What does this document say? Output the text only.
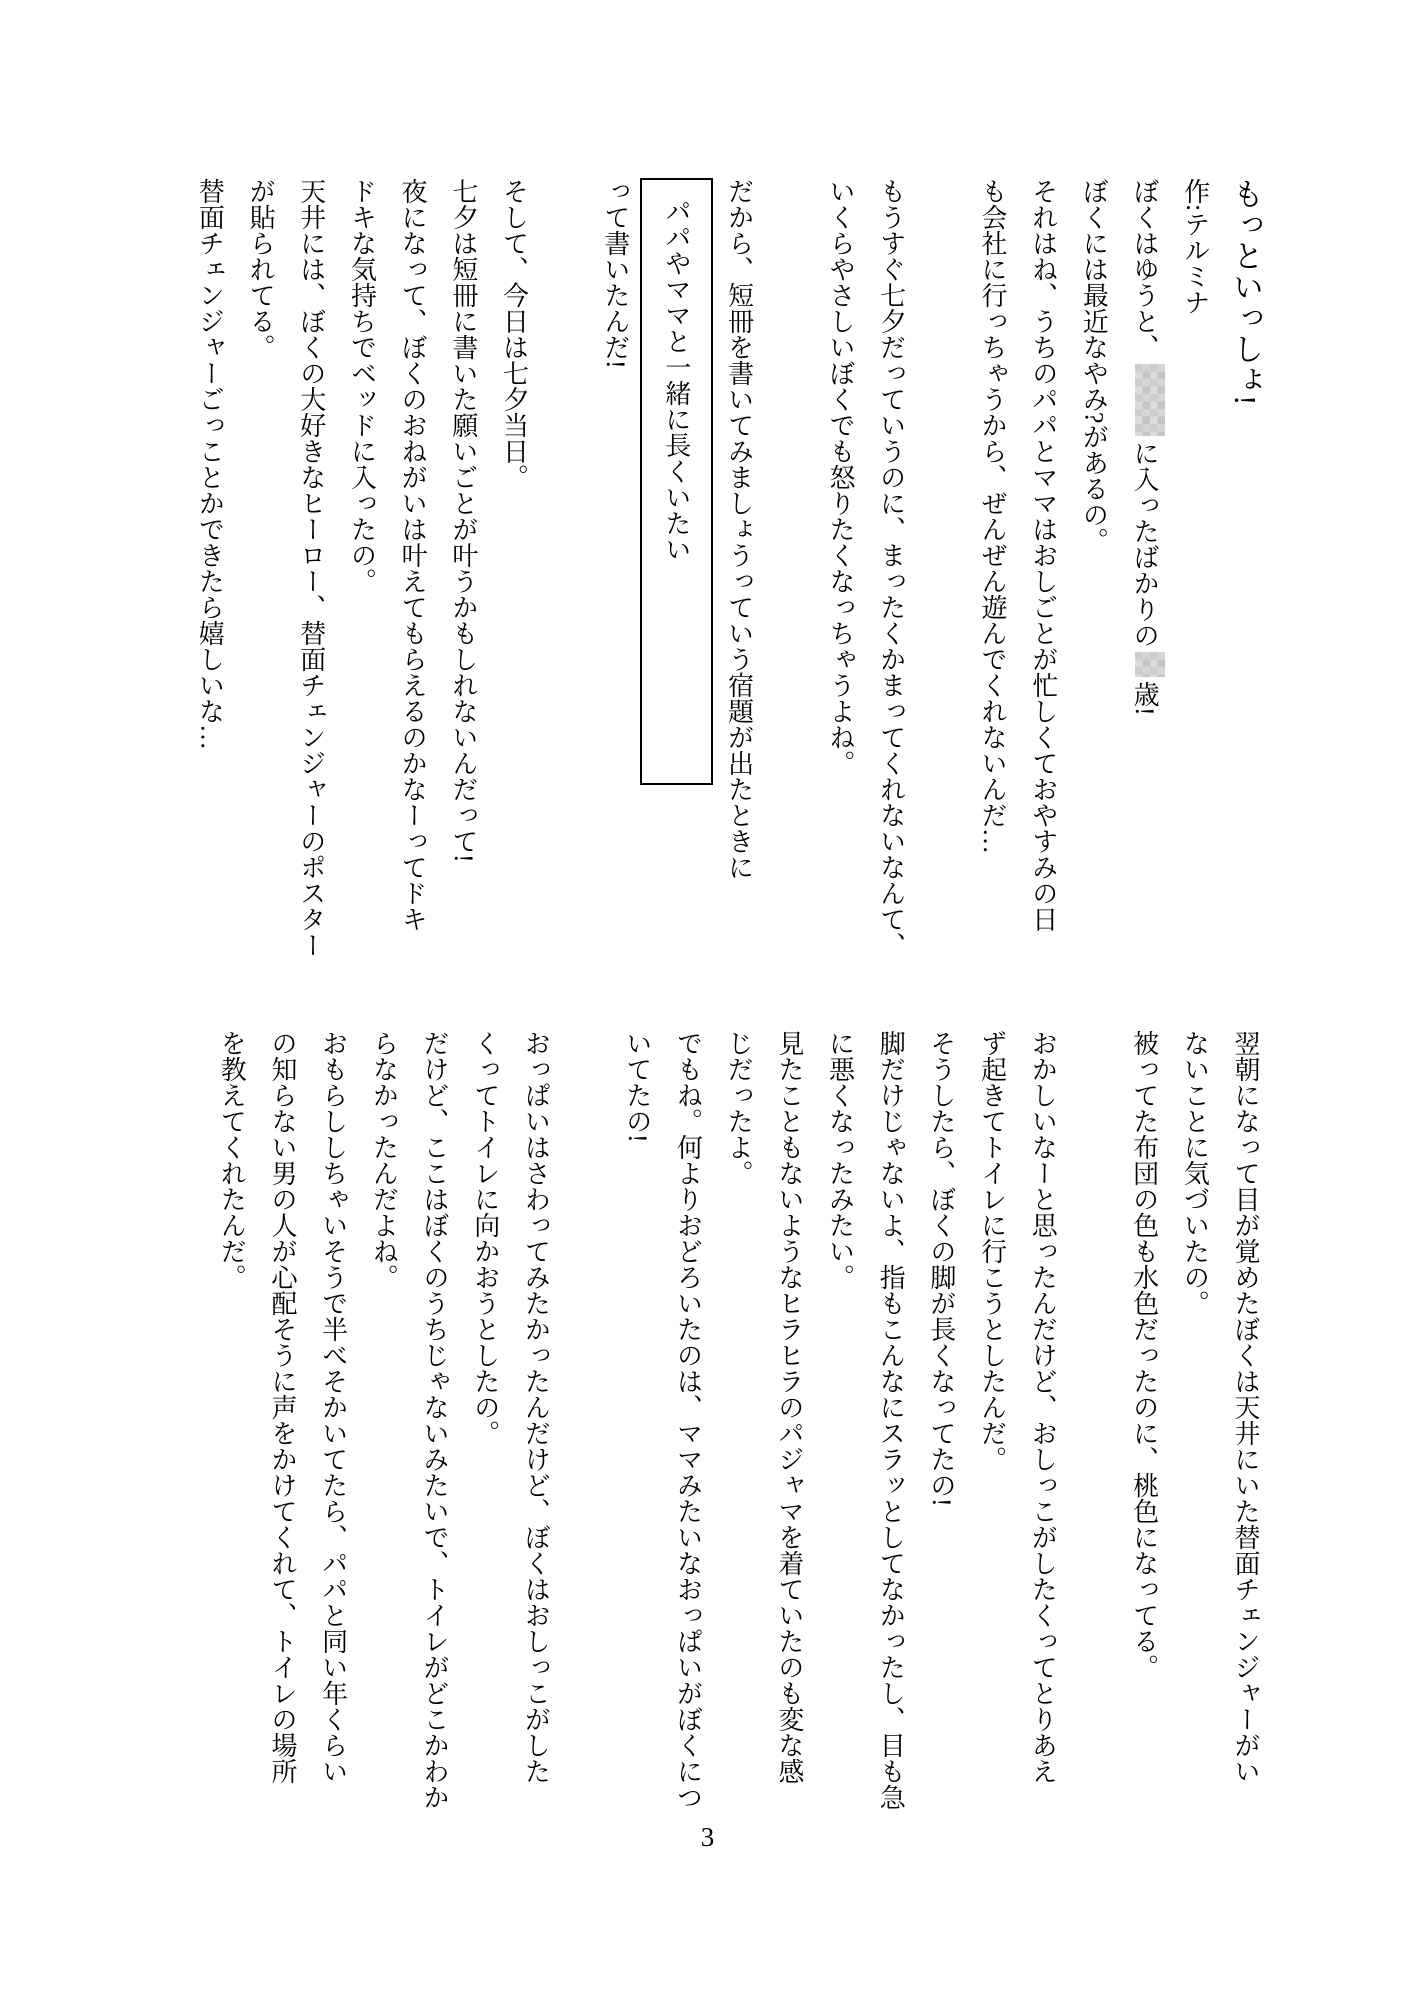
もっといっしょ!

作:テルミナ

ぼくはゆうと、に入ったばかりの歳!

ぼくには最近なやみ?があるの。

それはね、うちのパパとママはおしごとが忙しくておやすみの日

も会社に行っちゃうから、ぜんぜん遊んでくれないんだ…

もうすぐ七夕だっていうのに、まったくかまってくれないなんて、

いくらやさしいぼくでも怒りたくなっちゃうよね。

だから、短冊を書いてみましょうっていう宿題が出たときに

パパやママと一緒に長くいたい

って書いたんだ!

そして、今日は七夕当日。

七夕は短冊に書いた願いごとが叶うかもしれないんだって!

夜になって、ぼくのおねがいは叶えてもらえるのかなーってドキ

ドキな気持ちでベッドに入ったの。

天井には、ぼくの大好きなヒーロー、替面チェンジャーのポスター

が貼られてる。

替面チェンジャーごっことかできたら嬉しいな…

翌朝になって目が覚めたぼくは天井にいた替面チェンジャーがい

ないことに気づいたの。

被ってた布団の色も水色だったのに、桃色になってる。

おかしいなーと思ったんだけど、おしっこがしたくってとりあえ

ず起きてトイレに行こうとしたんだ。

そうしたら、ぼくの脚が長くなってたの!

脚だけじゃないよ、指もこんなにスラッとしてなかったし、目も急

に悪くなったみたい。

見たこともないようなヒラヒラのパジャマを着ていたのも変な感

じだったよ。

でもね。何よりおどろいたのは、ママみたいなおっぱいがぼくにつ

いてたの!

おっぱいはさわってみたかったんだけど、ぼくはおしっこがした

くってトイレに向かおうとしたの。

だけど、ここはぼくのうちじゃないみたいで、トイレがどこかわか

らなかったんだよね。

おもらししちゃいそうで半べそかいてたら、パパと同い年くらい

の知らない男の人が心配そうに声をかけてくれて、トイレの場所

を教えてくれたんだ。

3
